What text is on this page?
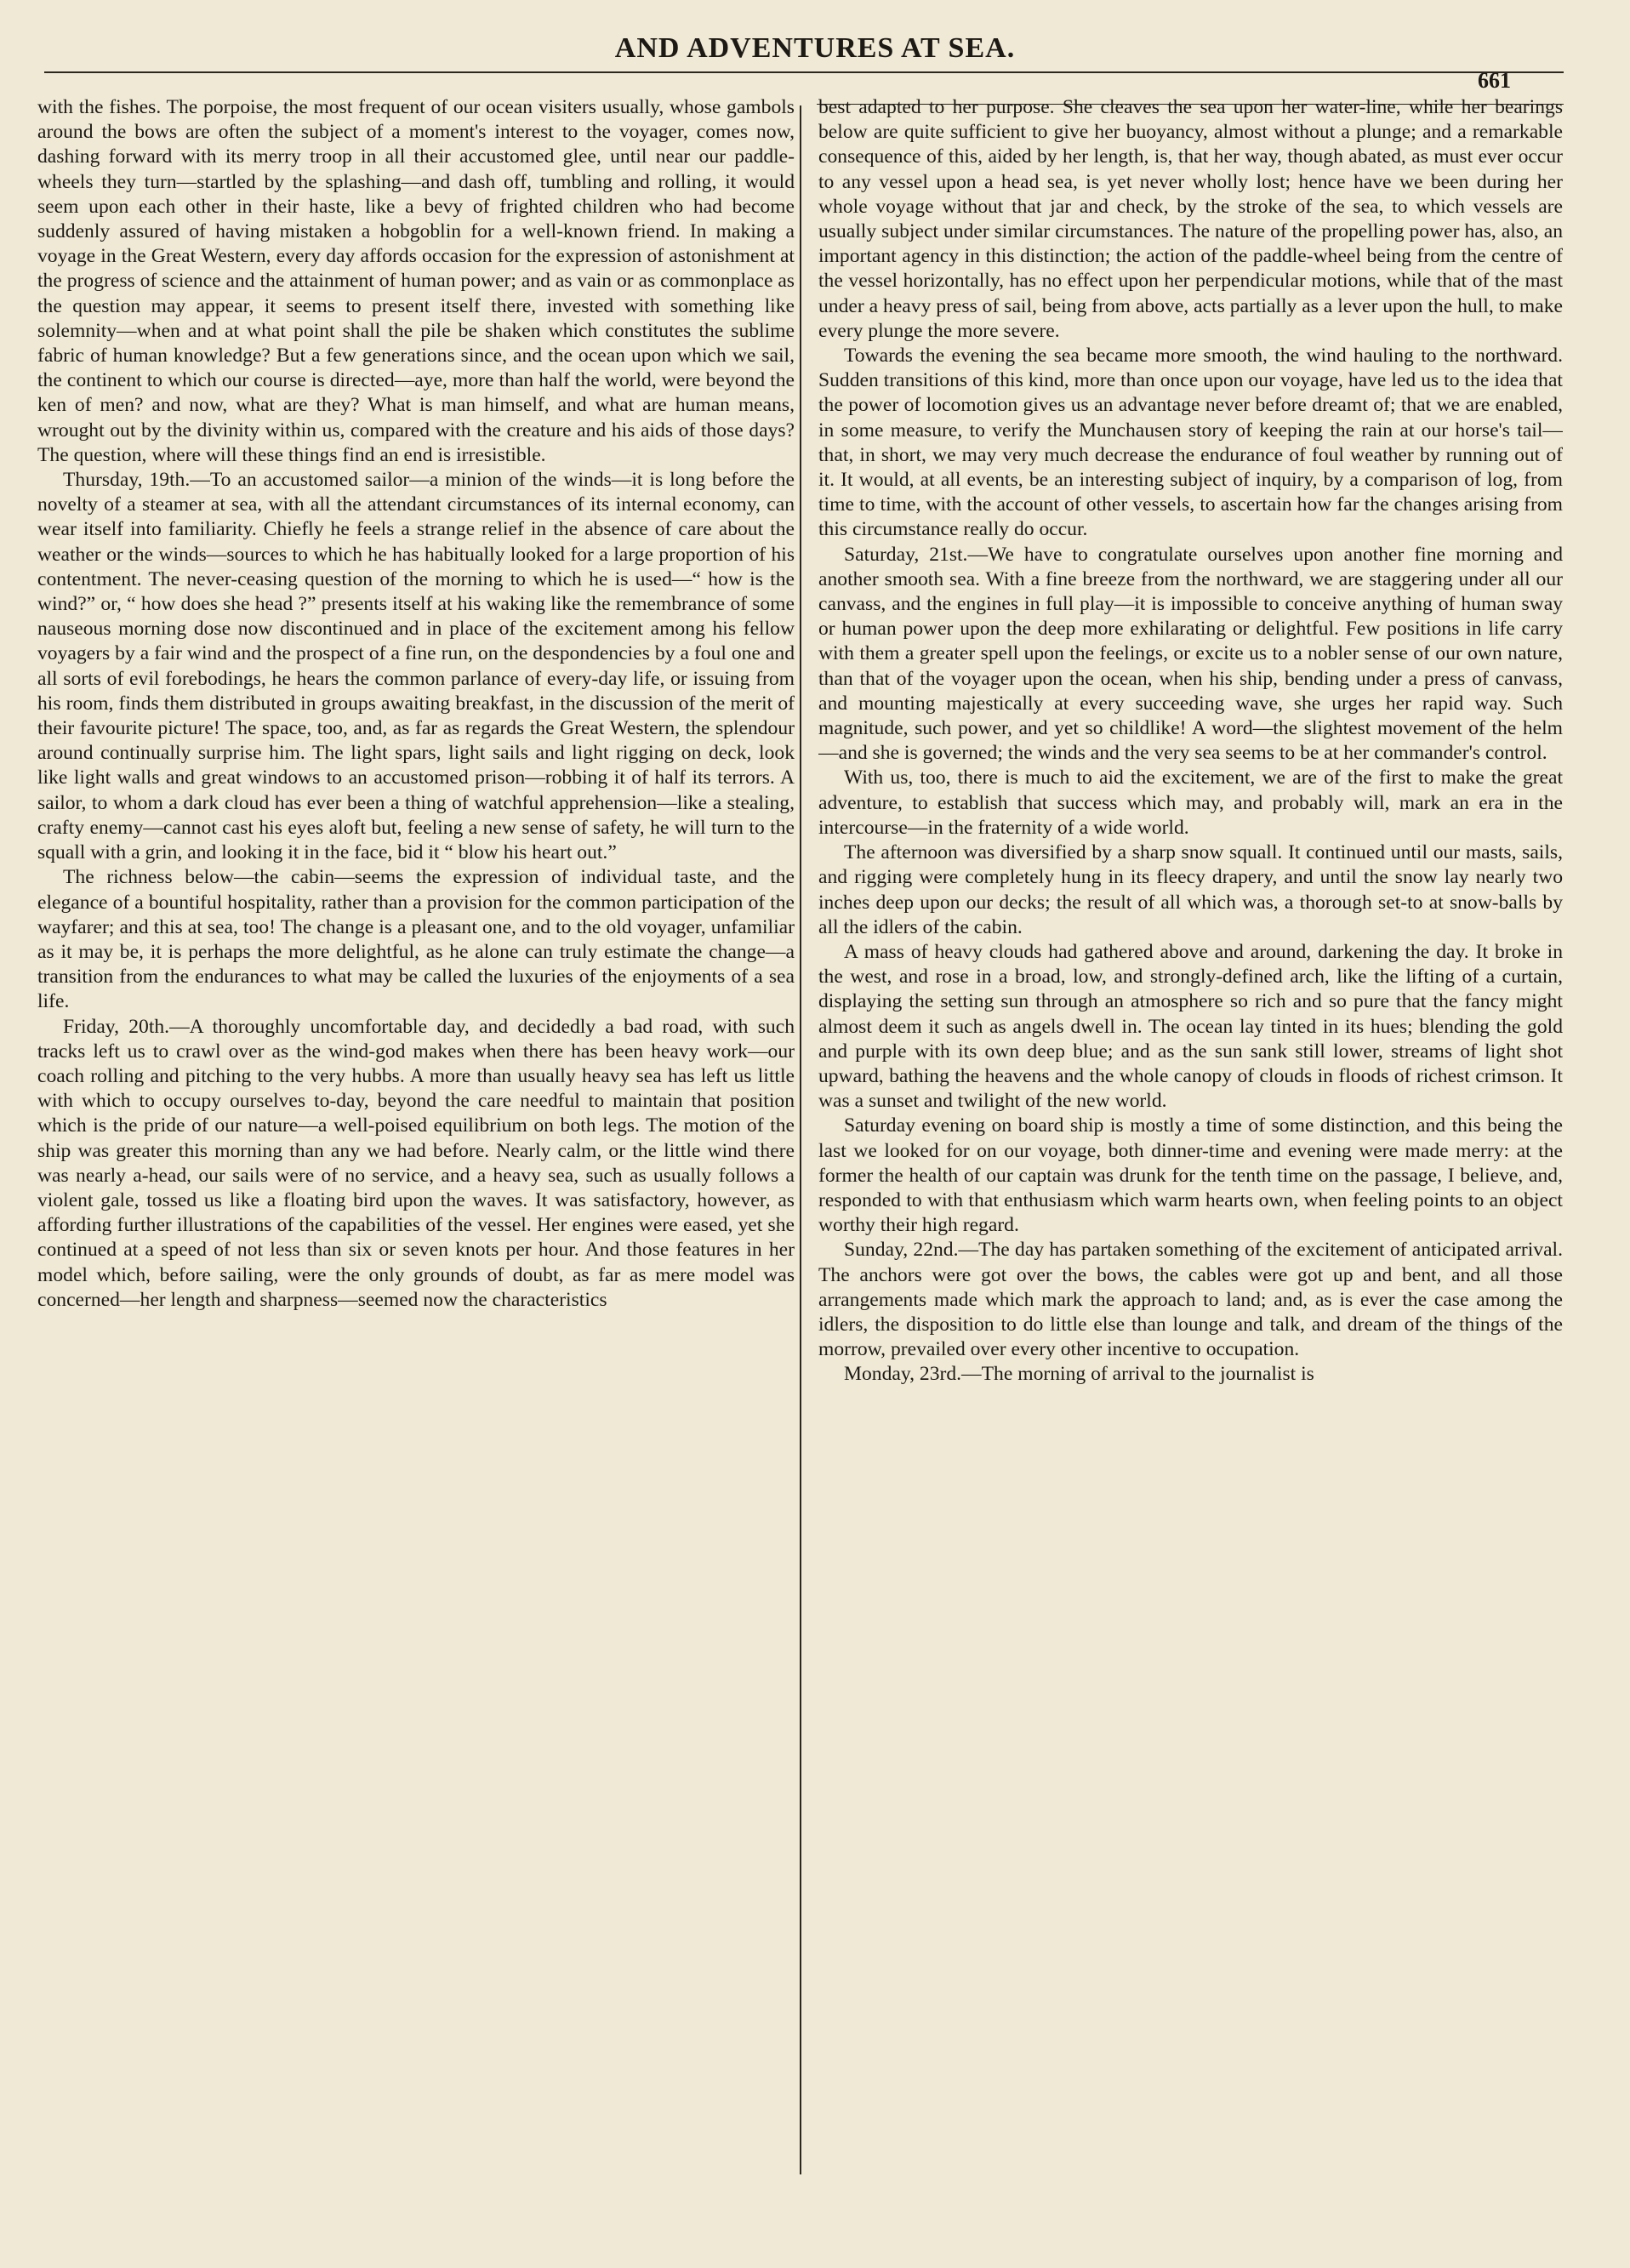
AND ADVENTURES AT SEA.
661

with the fishes. The porpoise, the most frequent of our ocean visiters usually, whose gambols around the bows are often the subject of a moment's interest to the voyager, comes now, dashing forward with its merry troop in all their accustomed glee, until near our paddle-wheels they turn—startled by the splashing—and dash off, tumbling and rolling, it would seem upon each other in their haste, like a bevy of frighted children who had become suddenly assured of having mistaken a hobgoblin for a well-known friend. In making a voyage in the Great Western, every day affords occasion for the expression of astonishment at the progress of science and the attainment of human power; and as vain or as commonplace as the question may appear, it seems to present itself there, invested with something like solemnity—when and at what point shall the pile be shaken which constitutes the sublime fabric of human knowledge? But a few generations since, and the ocean upon which we sail, the continent to which our course is directed—aye, more than half the world, were beyond the ken of men? and now, what are they? What is man himself, and what are human means, wrought out by the divinity within us, compared with the creature and his aids of those days? The question, where will these things find an end is irresistible.

Thursday, 19th.—To an accustomed sailor—a minion of the winds—it is long before the novelty of a steamer at sea, with all the attendant circumstances of its internal economy, can wear itself into familiarity. Chiefly he feels a strange relief in the absence of care about the weather or the winds—sources to which he has habitually looked for a large proportion of his contentment. The never-ceasing question of the morning to which he is used—“ how is the wind?” or, “ how does she head ?” presents itself at his waking like the remembrance of some nauseous morning dose now discontinued and in place of the excitement among his fellow voyagers by a fair wind and the prospect of a fine run, on the despondencies by a foul one and all sorts of evil forebodings, he hears the common parlance of every-day life, or issuing from his room, finds them distributed in groups awaiting breakfast, in the discussion of the merit of their favourite picture! The space, too, and, as far as regards the Great Western, the splendour around continually surprise him. The light spars, light sails and light rigging on deck, look like light walls and great windows to an accustomed prison—robbing it of half its terrors. A sailor, to whom a dark cloud has ever been a thing of watchful apprehension—like a stealing, crafty enemy—cannot cast his eyes aloft but, feeling a new sense of safety, he will turn to the squall with a grin, and looking it in the face, bid it “ blow his heart out.”

The richness below—the cabin—seems the expression of individual taste, and the elegance of a bountiful hospitality, rather than a provision for the common participation of the wayfarer; and this at sea, too! The change is a pleasant one, and to the old voyager, unfamiliar as it may be, it is perhaps the more delightful, as he alone can truly estimate the change—a transition from the endurances to what may be called the luxuries of the enjoyments of a sea life.

Friday, 20th.—A thoroughly uncomfortable day, and decidedly a bad road, with such tracks left us to crawl over as the wind-god makes when there has been heavy work—our coach rolling and pitching to the very hubbs. A more than usually heavy sea has left us little with which to occupy ourselves to-day, beyond the care needful to maintain that position which is the pride of our nature—a well-poised equilibrium on both legs. The motion of the ship was greater this morning than any we had before. Nearly calm, or the little wind there was nearly a-head, our sails were of no service, and a heavy sea, such as usually follows a violent gale, tossed us like a floating bird upon the waves. It was satisfactory, however, as affording further illustrations of the capabilities of the vessel. Her engines were eased, yet she continued at a speed of not less than six or seven knots per hour. And those features in her model which, before sailing, were the only grounds of doubt, as far as mere model was concerned—her length and sharpness—seemed now the characteristics

best adapted to her purpose. She cleaves the sea upon her water-line, while her bearings below are quite sufficient to give her buoyancy, almost without a plunge; and a remarkable consequence of this, aided by her length, is, that her way, though abated, as must ever occur to any vessel upon a head sea, is yet never wholly lost; hence have we been during her whole voyage without that jar and check, by the stroke of the sea, to which vessels are usually subject under similar circumstances. The nature of the propelling power has, also, an important agency in this distinction; the action of the paddle-wheel being from the centre of the vessel horizontally, has no effect upon her perpendicular motions, while that of the mast under a heavy press of sail, being from above, acts partially as a lever upon the hull, to make every plunge the more severe.

Towards the evening the sea became more smooth, the wind hauling to the northward. Sudden transitions of this kind, more than once upon our voyage, have led us to the idea that the power of locomotion gives us an advantage never before dreamt of; that we are enabled, in some measure, to verify the Munchausen story of keeping the rain at our horse's tail—that, in short, we may very much decrease the endurance of foul weather by running out of it. It would, at all events, be an interesting subject of inquiry, by a comparison of log, from time to time, with the account of other vessels, to ascertain how far the changes arising from this circumstance really do occur.

Saturday, 21st.—We have to congratulate ourselves upon another fine morning and another smooth sea. With a fine breeze from the northward, we are staggering under all our canvass, and the engines in full play—it is impossible to conceive anything of human sway or human power upon the deep more exhilarating or delightful. Few positions in life carry with them a greater spell upon the feelings, or excite us to a nobler sense of our own nature, than that of the voyager upon the ocean, when his ship, bending under a press of canvass, and mounting majestically at every succeeding wave, she urges her rapid way. Such magnitude, such power, and yet so childlike! A word—the slightest movement of the helm—and she is governed; the winds and the very sea seems to be at her commander's control.

With us, too, there is much to aid the excitement, we are of the first to make the great adventure, to establish that success which may, and probably will, mark an era in the intercourse—in the fraternity of a wide world.

The afternoon was diversified by a sharp snow squall. It continued until our masts, sails, and rigging were completely hung in its fleecy drapery, and until the snow lay nearly two inches deep upon our decks; the result of all which was, a thorough set-to at snow-balls by all the idlers of the cabin.

A mass of heavy clouds had gathered above and around, darkening the day. It broke in the west, and rose in a broad, low, and strongly-defined arch, like the lifting of a curtain, displaying the setting sun through an atmosphere so rich and so pure that the fancy might almost deem it such as angels dwell in. The ocean lay tinted in its hues; blending the gold and purple with its own deep blue; and as the sun sank still lower, streams of light shot upward, bathing the heavens and the whole canopy of clouds in floods of richest crimson. It was a sunset and twilight of the new world.

Saturday evening on board ship is mostly a time of some distinction, and this being the last we looked for on our voyage, both dinner-time and evening were made merry: at the former the health of our captain was drunk for the tenth time on the passage, I believe, and, responded to with that enthusiasm which warm hearts own, when feeling points to an object worthy their high regard.

Sunday, 22nd.—The day has partaken something of the excitement of anticipated arrival. The anchors were got over the bows, the cables were got up and bent, and all those arrangements made which mark the approach to land; and, as is ever the case among the idlers, the disposition to do little else than lounge and talk, and dream of the things of the morrow, prevailed over every other incentive to occupation.

Monday, 23rd.—The morning of arrival to the journalist is
